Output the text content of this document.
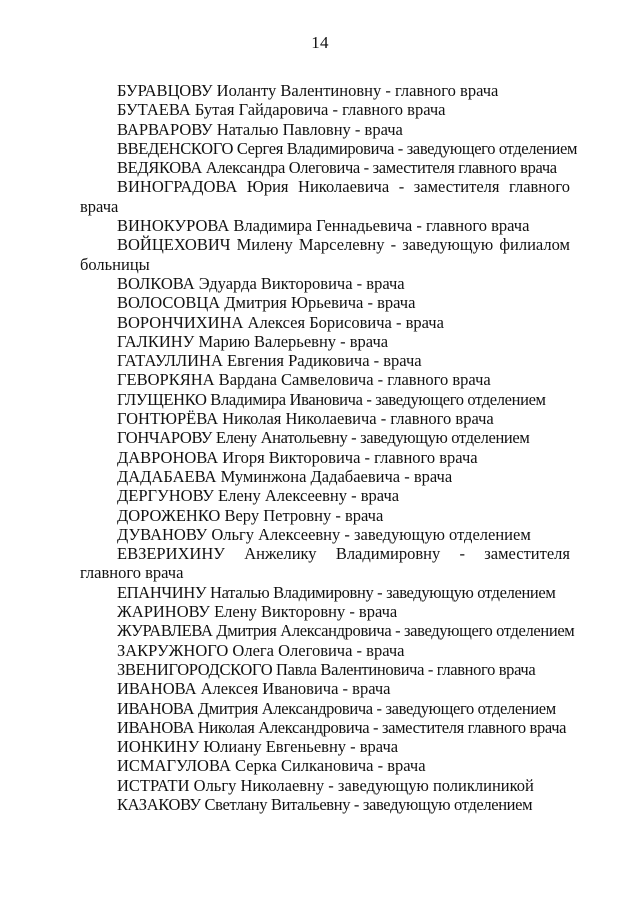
14
БУРАВЦОВУ Иоланту Валентиновну - главного врача
БУТАЕВА Бутая Гайдаровича - главного врача
ВАРВАРОВУ Наталью Павловну - врача
ВВЕДЕНСКОГО Сергея Владимировича - заведующего отделением
ВЕДЯКОВА Александра Олеговича - заместителя главного врача
ВИНОГРАДОВА Юрия Николаевича - заместителя главного врача
ВИНОКУРОВА Владимира Геннадьевича - главного врача
ВОЙЦЕХОВИЧ Милену Марселевну - заведующую филиалом больницы
ВОЛКОВА Эдуарда Викторовича - врача
ВОЛОСОВЦА Дмитрия Юрьевича - врача
ВОРОНЧИХИНА Алексея Борисовича - врача
ГАЛКИНУ Марию Валерьевну - врача
ГАТАУЛЛИНА Евгения Радиковича - врача
ГЕВОРКЯНА Вардана Самвеловича - главного врача
ГЛУЩЕНКО Владимира Ивановича - заведующего отделением
ГОНТЮРЁВА Николая Николаевича - главного врача
ГОНЧАРОВУ Елену Анатольевну - заведующую отделением
ДАВРОНОВА Игоря Викторовича - главного врача
ДАДАБАЕВА Муминжона Дадабаевича - врача
ДЕРГУНОВУ Елену Алексеевну - врача
ДОРОЖЕНКО Веру Петровну - врача
ДУВАНОВУ Ольгу Алексеевну - заведующую отделением
ЕВЗЕРИХИНУ Анжелику Владимировну - заместителя главного врача
ЕПАНЧИНУ Наталью Владимировну - заведующую отделением
ЖАРИНОВУ Елену Викторовну - врача
ЖУРАВЛЕВА Дмитрия Александровича - заведующего отделением
ЗАКРУЖНОГО Олега Олеговича - врача
ЗВЕНИГОРОДСКОГО Павла Валентиновича - главного врача
ИВАНОВА Алексея Ивановича - врача
ИВАНОВА Дмитрия Александровича - заведующего отделением
ИВАНОВА Николая Александровича - заместителя главного врача
ИОНКИНУ Юлиану Евгеньевну - врача
ИСМАГУЛОВА Серка Силкановича - врача
ИСТРАТИ Ольгу Николаевну - заведующую поликлиникой
КАЗАКОВУ Светлану Витальевну - заведующую отделением
